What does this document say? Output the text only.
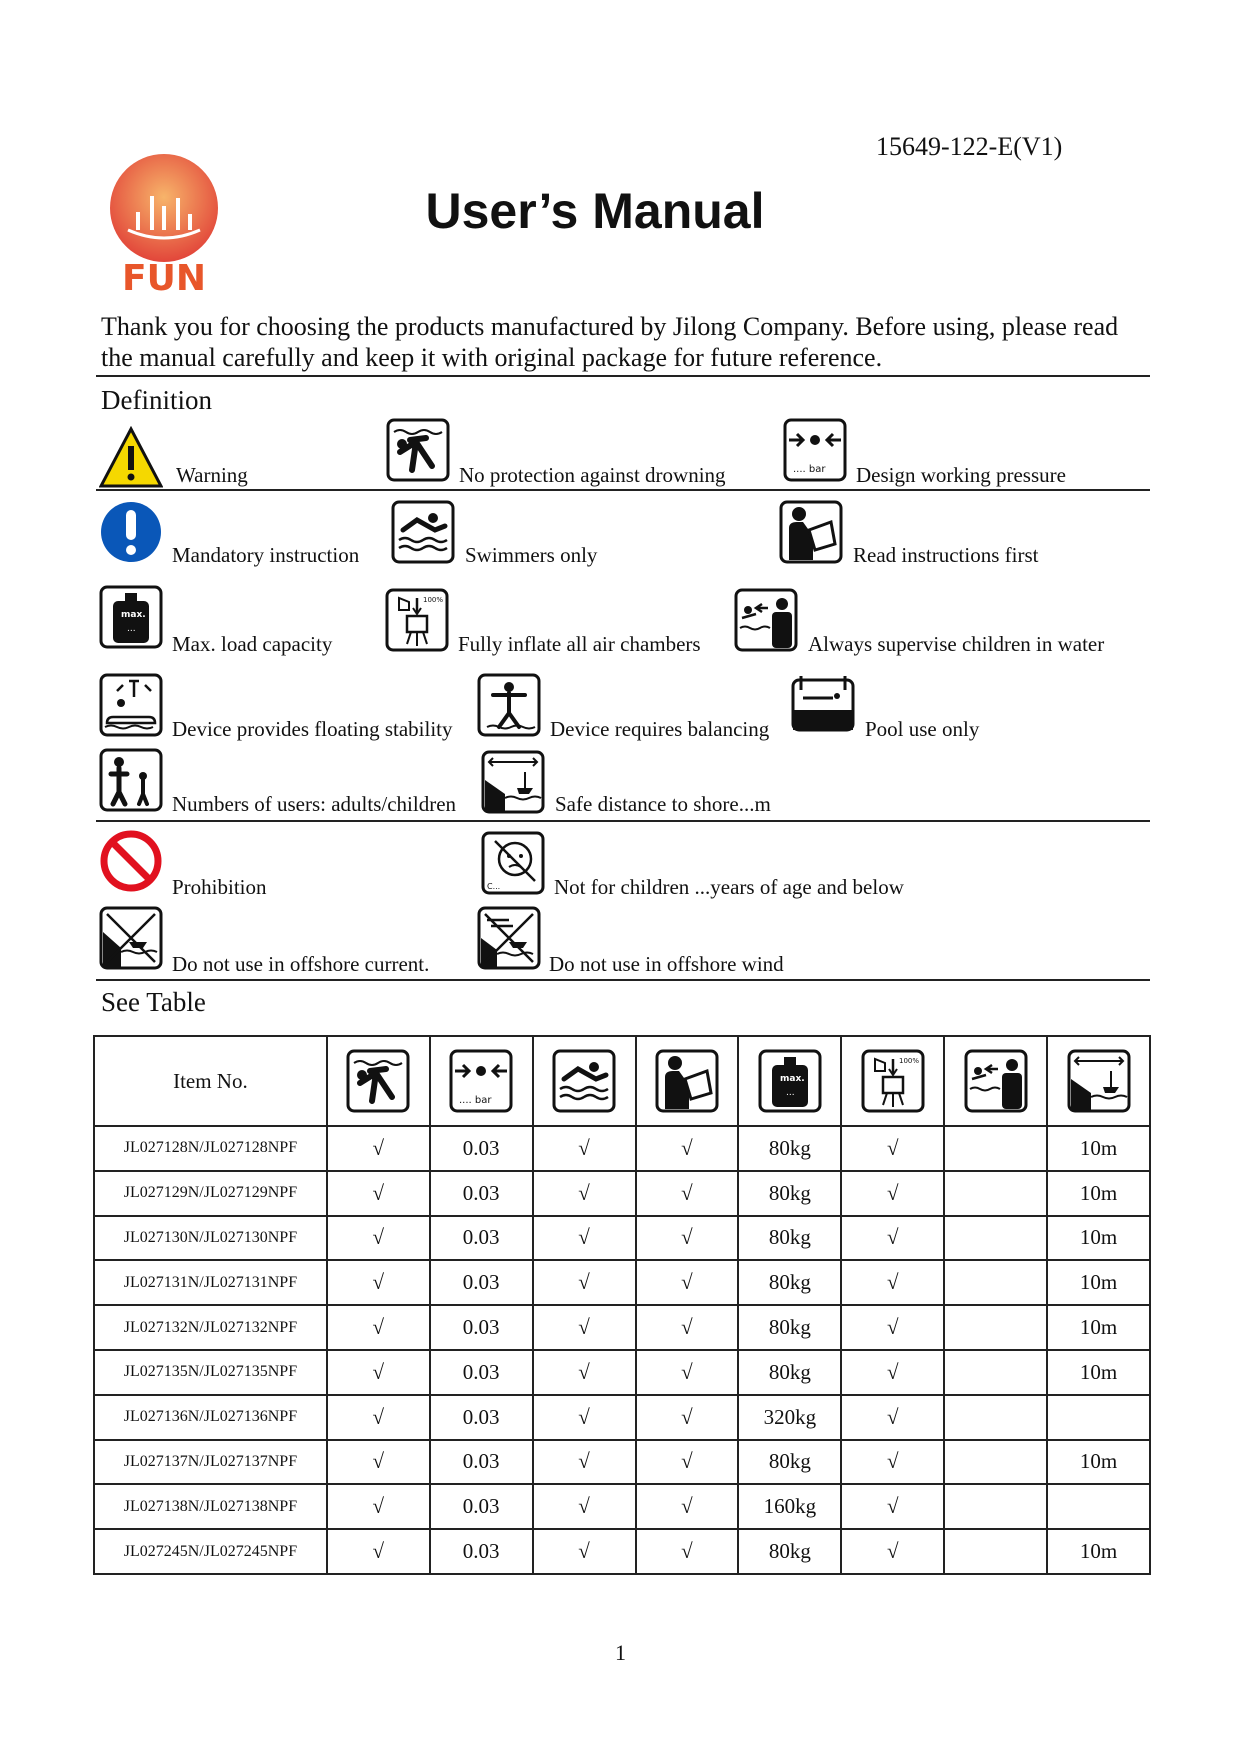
15649-122-E(V1)
FUN
User’s Manual
Thank you for choosing the products manufactured by Jilong Company. Before using, please read the manual carefully and keep it with original package for future reference.
Definition
Warning	No protection against drowning	Design working pressure
Mandatory instruction	Swimmers only	Read instructions first
Max. load capacity	Fully inflate all air chambers	Always supervise children in water
Device provides floating stability	Device requires balancing	Pool use only
Numbers of users: adults/children	Safe distance to shore...m
Prohibition	Not for children ...years of age and below
Do not use in offshore current.	Do not use in offshore wind
See Table
Item No.	

JL027128N/JL027128NPF	√	0.03	√	√	80kg	√		10m
JL027129N/JL027129NPF	√	0.03	√	√	80kg	√		10m
JL027130N/JL027130NPF	√	0.03	√	√	80kg	√		10m
JL027131N/JL027131NPF	√	0.03	√	√	80kg	√		10m
JL027132N/JL027132NPF	√	0.03	√	√	80kg	√		10m
JL027135N/JL027135NPF	√	0.03	√	√	80kg	√		10m
JL027136N/JL027136NPF	√	0.03	√	√	320kg	√		
JL027137N/JL027137NPF	√	0.03	√	√	80kg	√		10m
JL027138N/JL027138NPF	√	0.03	√	√	160kg	√		
JL027245N/JL027245NPF	√	0.03	√	√	80kg	√		10m
1
